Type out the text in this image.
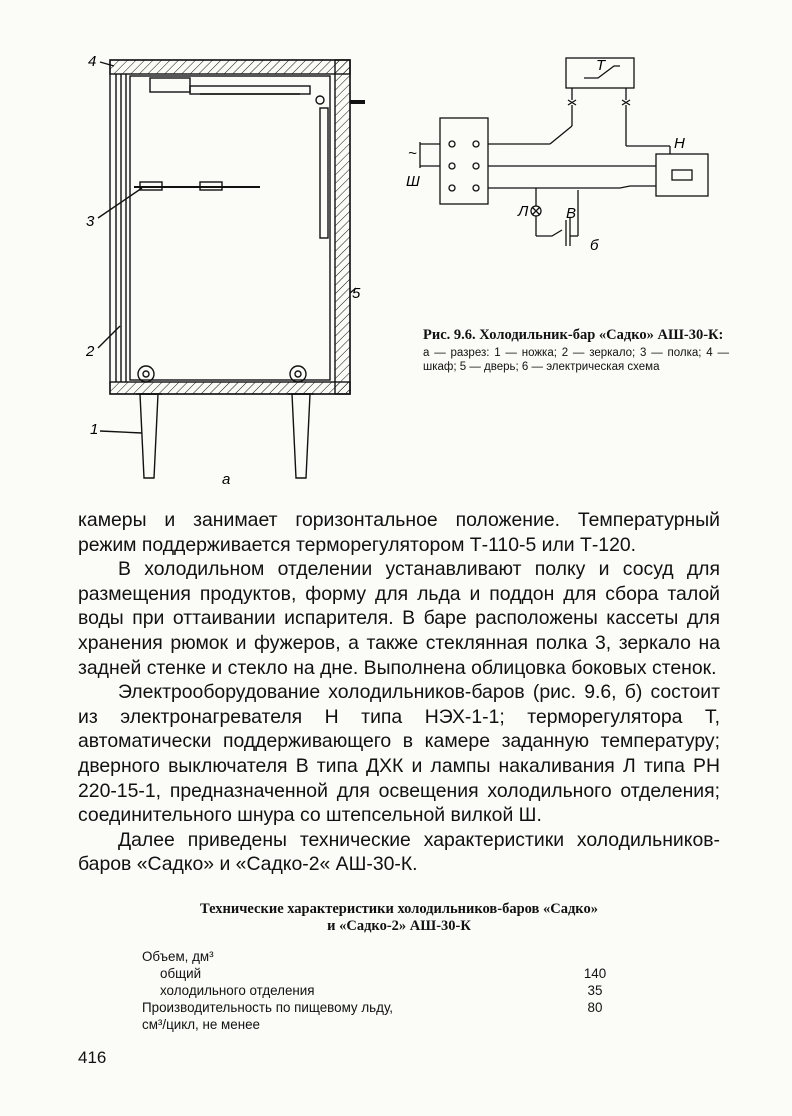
4
3
2
1
5
а
~
Ш
Т
Н
Л	В
б
Рис. 9.6. Холодильник-бар «Садко» АШ-30-К:
а — разрез: 1 — ножка; 2 — зеркало; 3 — полка; 4 — шкаф; 5 — дверь; 6 — электрическая схема

камеры и занимает горизонтальное положение. Температурный режим поддерживается терморегулятором Т-110-5 или Т-120.

В холодильном отделении устанавливают полку и сосуд для размещения продуктов, форму для льда и поддон для сбора талой воды при оттаивании испарителя. В баре расположены кассеты для хранения рюмок и фужеров, а также стеклянная полка 3, зеркало на задней стенке и стекло на дне. Выполнена облицовка боковых стенок.

Электрооборудование холодильников-баров (рис. 9.6, б) состоит из электронагревателя Н типа НЭХ-1-1; терморегулятора Т, автоматически поддерживающего в камере заданную температуру; дверного выключателя В типа ДХК и лампы накаливания Л типа РН 220-15-1, предназначенной для освещения холодильного отделения; соединительного шнура со штепсельной вилкой Ш.

Далее приведены технические характеристики холодильников-баров «Садко» и «Садко-2« АШ-30-К.

Технические характеристики холодильников-баров «Садко»
и «Садко-2» АШ-30-К
Объем, дм³
общий	140
холодильного отделения	35
Производительность по пищевому льду,	80
см³/цикл, не менее
416
